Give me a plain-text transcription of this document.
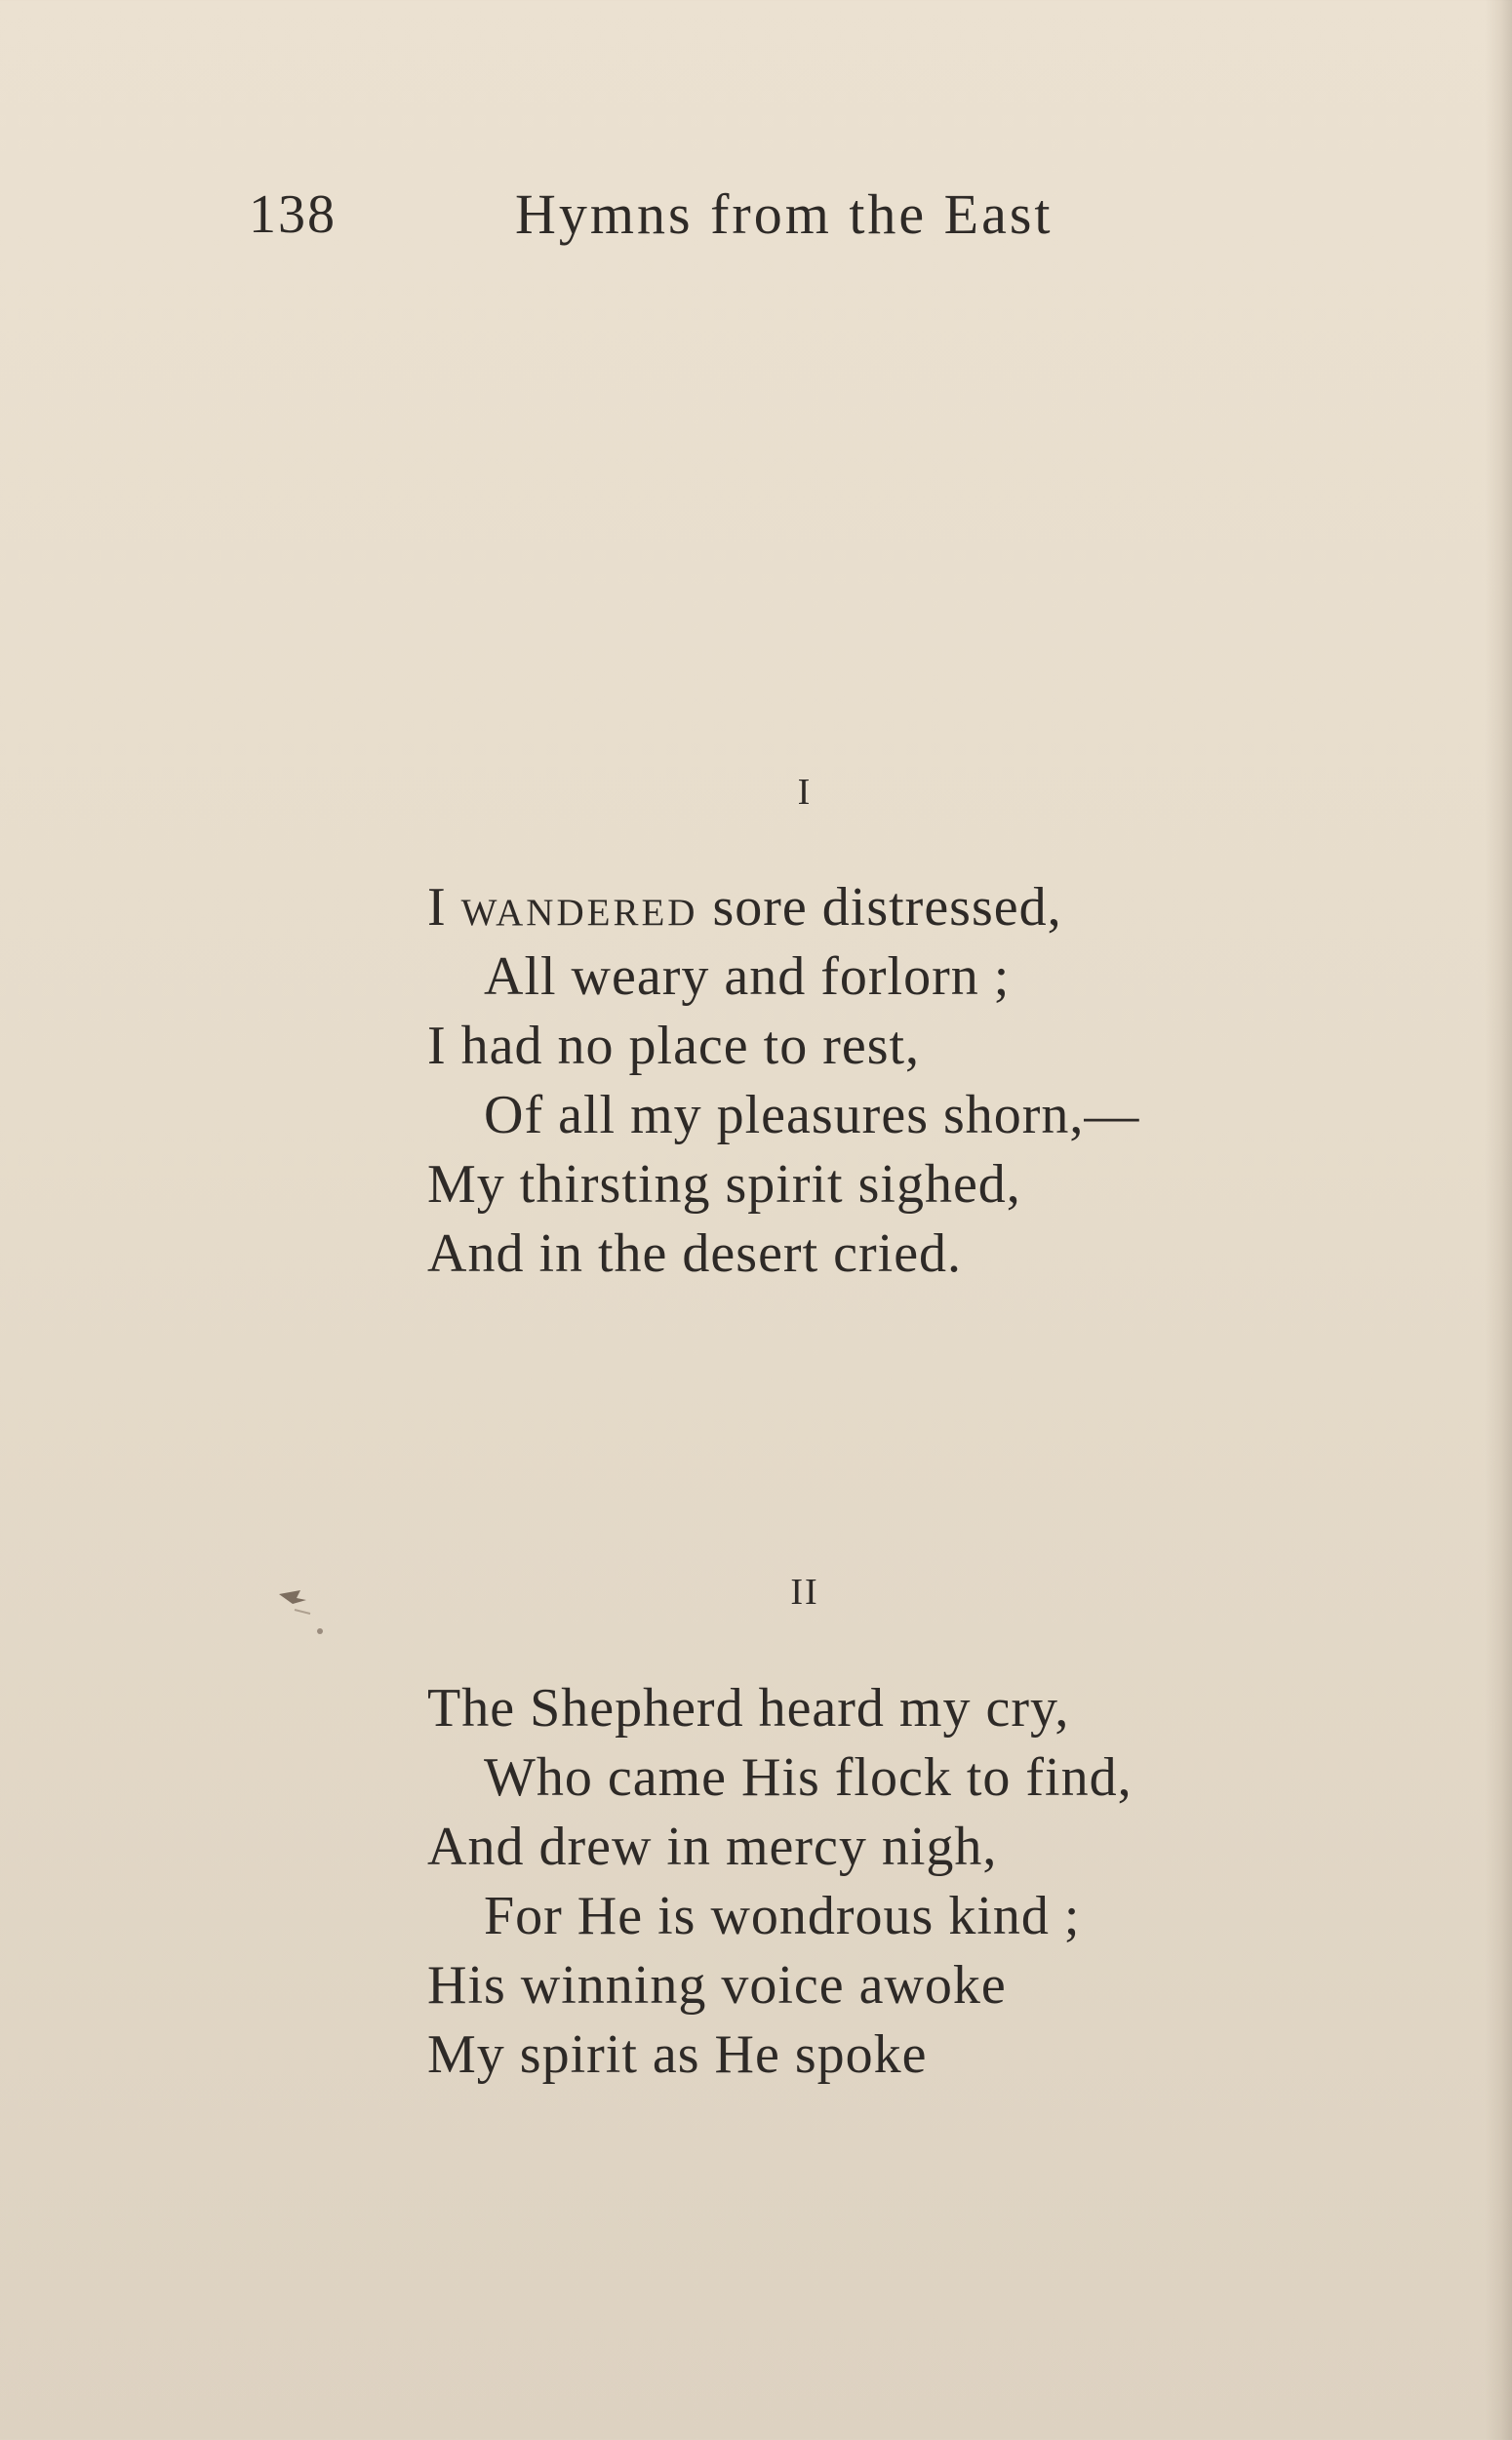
138	Hymns from the East
I
I wandered sore distressed,
All weary and forlorn ;
I had no place to rest,
Of all my pleasures shorn,—
My thirsting spirit sighed,
And in the desert cried.
II
The Shepherd heard my cry,
Who came His flock to find,
And drew in mercy nigh,
For He is wondrous kind ;
His winning voice awoke
My spirit as He spoke
